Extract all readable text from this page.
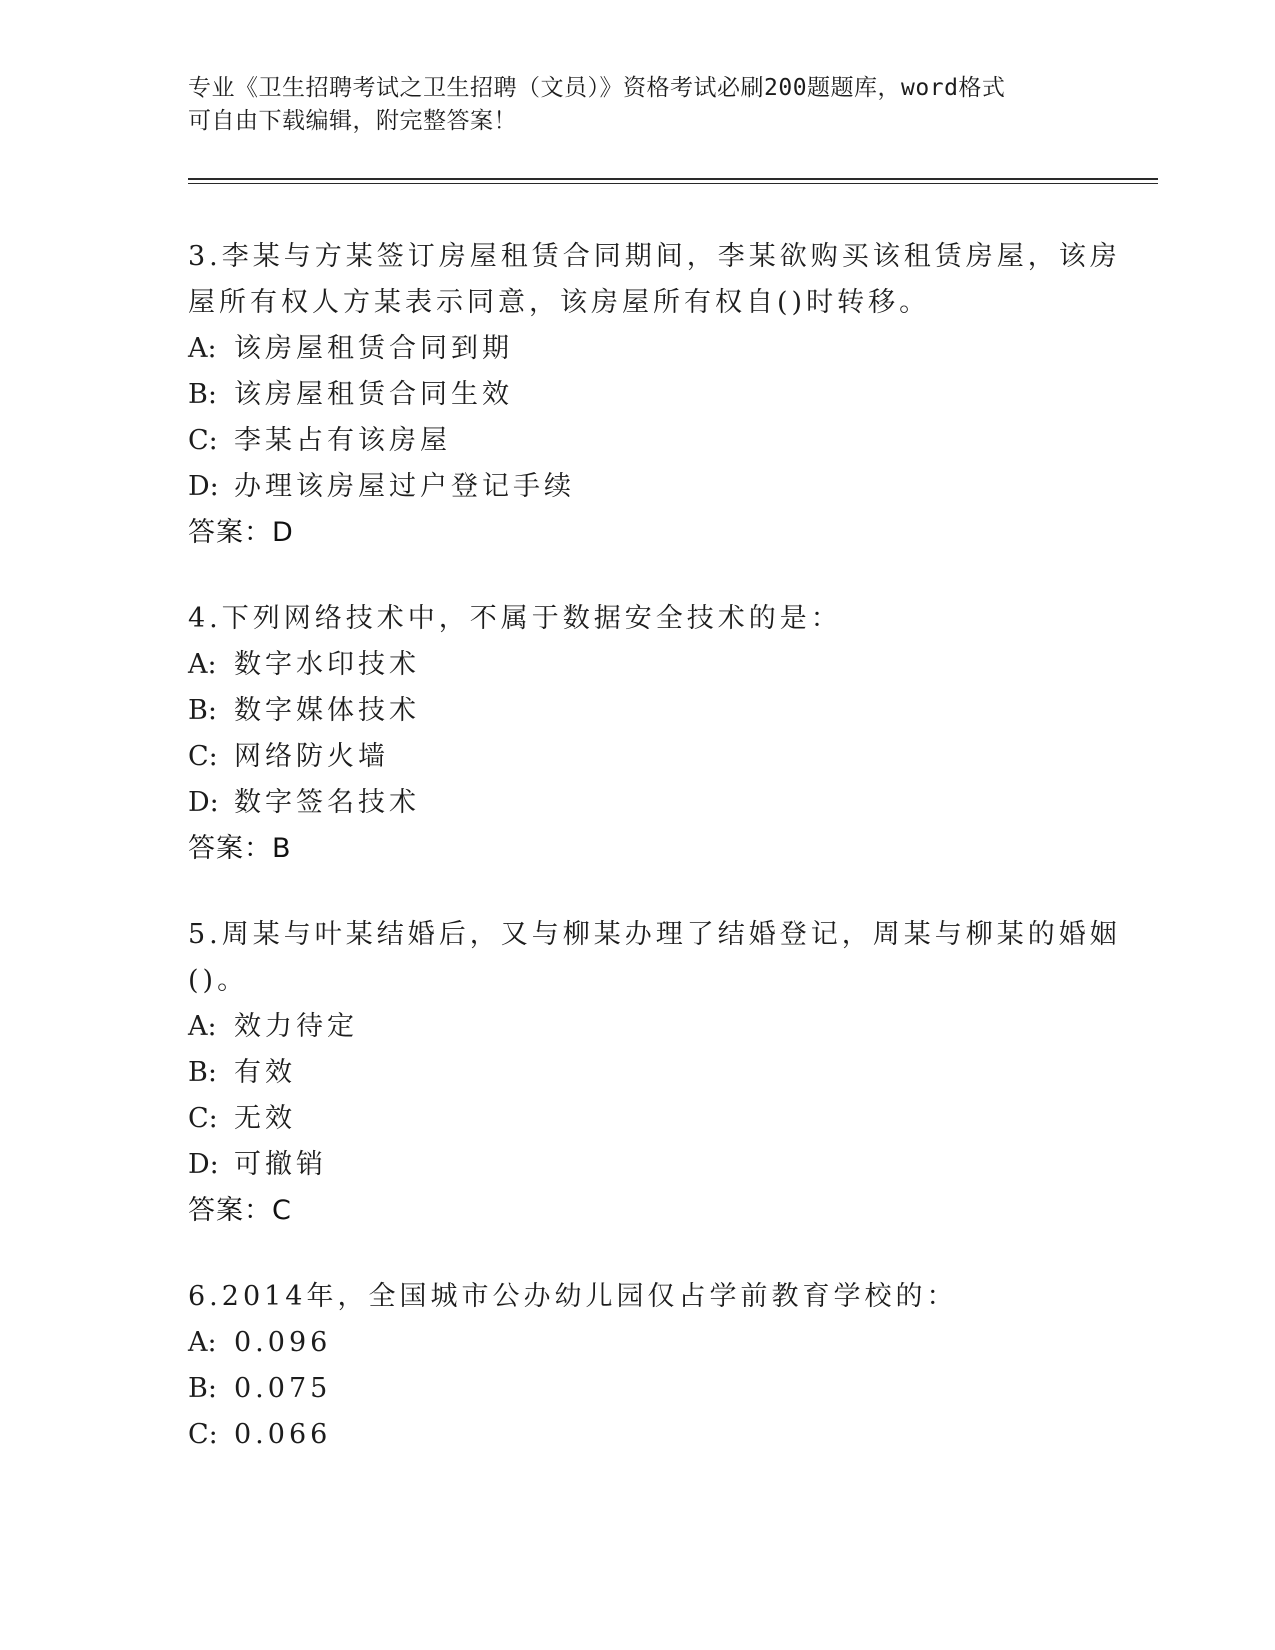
专业《卫生招聘考试之卫生招聘（文员）》资格考试必刷200题题库，word格式
可自由下载编辑，附完整答案！
3.李某与方某签订房屋租赁合同期间，李某欲购买该租赁房屋，该房
屋所有权人方某表示同意，该房屋所有权自()时转移。
A: 该房屋租赁合同到期
B: 该房屋租赁合同生效
C: 李某占有该房屋
D: 办理该房屋过户登记手续
答案：D
4.下列网络技术中，不属于数据安全技术的是：
A: 数字水印技术
B: 数字媒体技术
C: 网络防火墙
D: 数字签名技术
答案：B
5.周某与叶某结婚后，又与柳某办理了结婚登记，周某与柳某的婚姻
()。
A: 效力待定
B: 有效
C: 无效
D: 可撤销
答案：C
6.2014年，全国城市公办幼儿园仅占学前教育学校的：
A: 0.096
B: 0.075
C: 0.066
